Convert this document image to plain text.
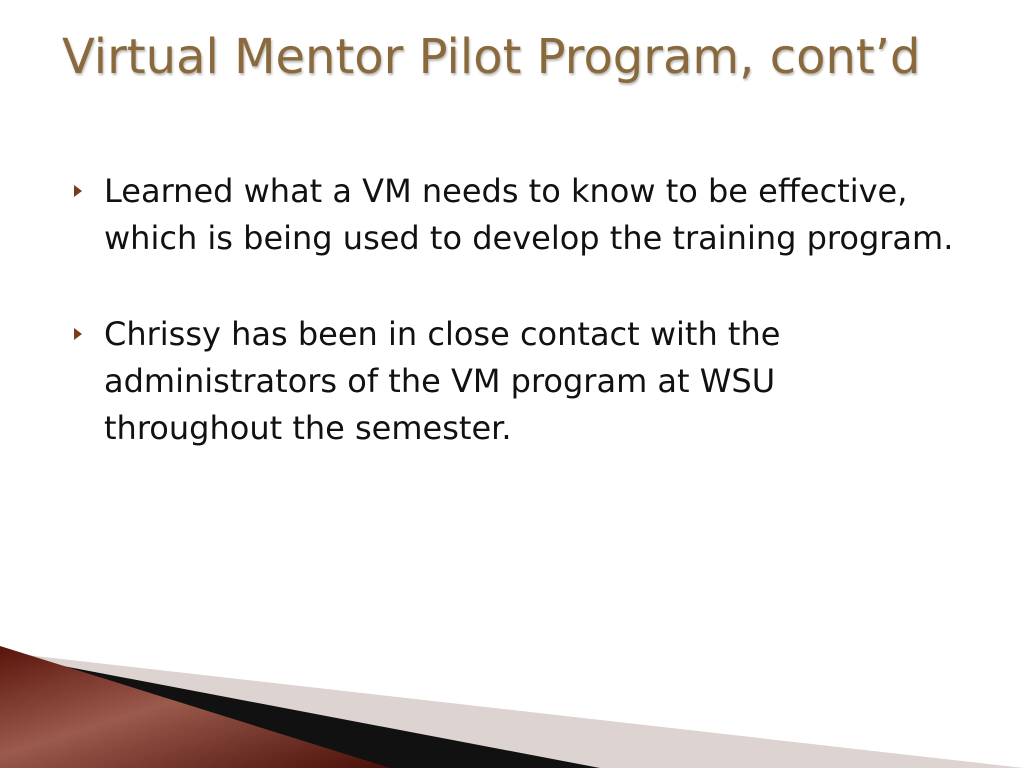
Virtual Mentor Pilot Program, cont’d
Learned what a VM needs to know to be effective, which is being used to develop the training program.
Chrissy has been in close contact with the administrators of the VM program at WSU throughout the semester.
